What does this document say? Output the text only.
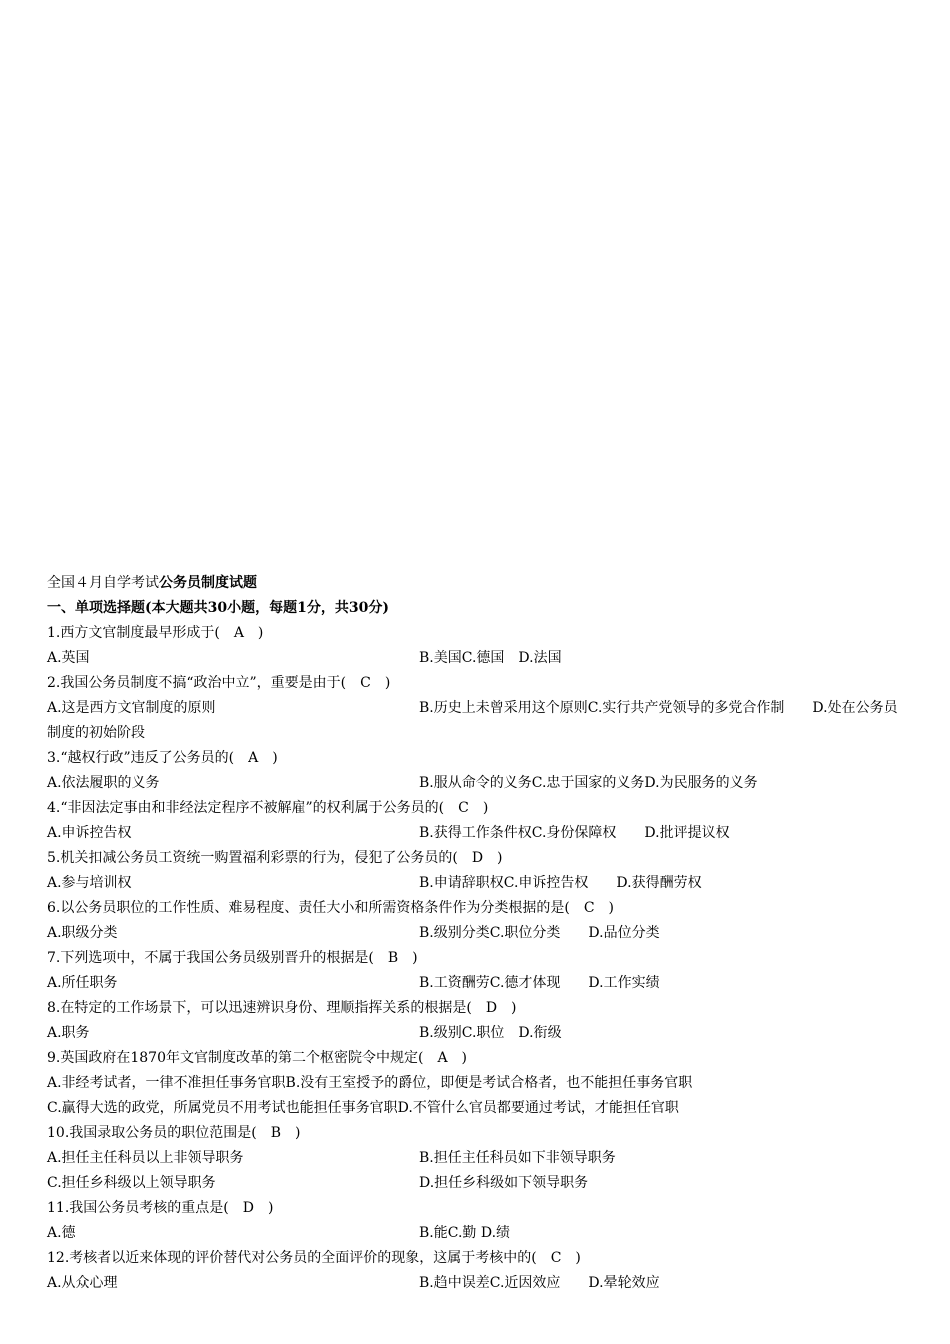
全国４月自学考试公务员制度试题
一、单项选择题(本大题共30小题，每题1分，共30分)
1.西方文官制度最早形成于(　A　)
A.英国	B.美国C.德国　D.法国
2.我国公务员制度不搞“政治中立”，重要是由于(　C　)
A.这是西方文官制度的原则	B.历史上未曾采用这个原则C.实行共产党领导的多党合作制　　D.处在公务员
制度的初始阶段
3.“越权行政”违反了公务员的(　A　)
A.依法履职的义务	B.服从命令的义务C.忠于国家的义务D.为民服务的义务
4.“非因法定事由和非经法定程序不被解雇”的权利属于公务员的(　C　)
A.申诉控告权	B.获得工作条件权C.身份保障权　　D.批评提议权
5.机关扣减公务员工资统一购置福利彩票的行为，侵犯了公务员的(　D　)
A.参与培训权	B.申请辞职权C.申诉控告权　　D.获得酬劳权
6.以公务员职位的工作性质、难易程度、责任大小和所需资格条件作为分类根据的是(　C　)
A.职级分类	B.级别分类C.职位分类　　D.品位分类
7.下列选项中，不属于我国公务员级别晋升的根据是(　B　)
A.所任职务	B.工资酬劳C.德才体现　　D.工作实绩
8.在特定的工作场景下，可以迅速辨识身份、理顺指挥关系的根据是(　D　)
A.职务	B.级别C.职位　D.衔级
9.英国政府在1870年文官制度改革的第二个枢密院令中规定(　A　)
A.非经考试者，一律不准担任事务官职B.没有王室授予的爵位，即便是考试合格者，也不能担任事务官职
C.赢得大选的政党，所属党员不用考试也能担任事务官职D.不管什么官员都要通过考试，才能担任官职
10.我国录取公务员的职位范围是(　B　)
A.担任主任科员以上非领导职务	B.担任主任科员如下非领导职务
C.担任乡科级以上领导职务	D.担任乡科级如下领导职务
11.我国公务员考核的重点是(　D　)
A.德	B.能C.勤 D.绩
12.考核者以近来体现的评价替代对公务员的全面评价的现象，这属于考核中的(　C　)
A.从众心理	B.趋中误差C.近因效应　　D.晕轮效应
